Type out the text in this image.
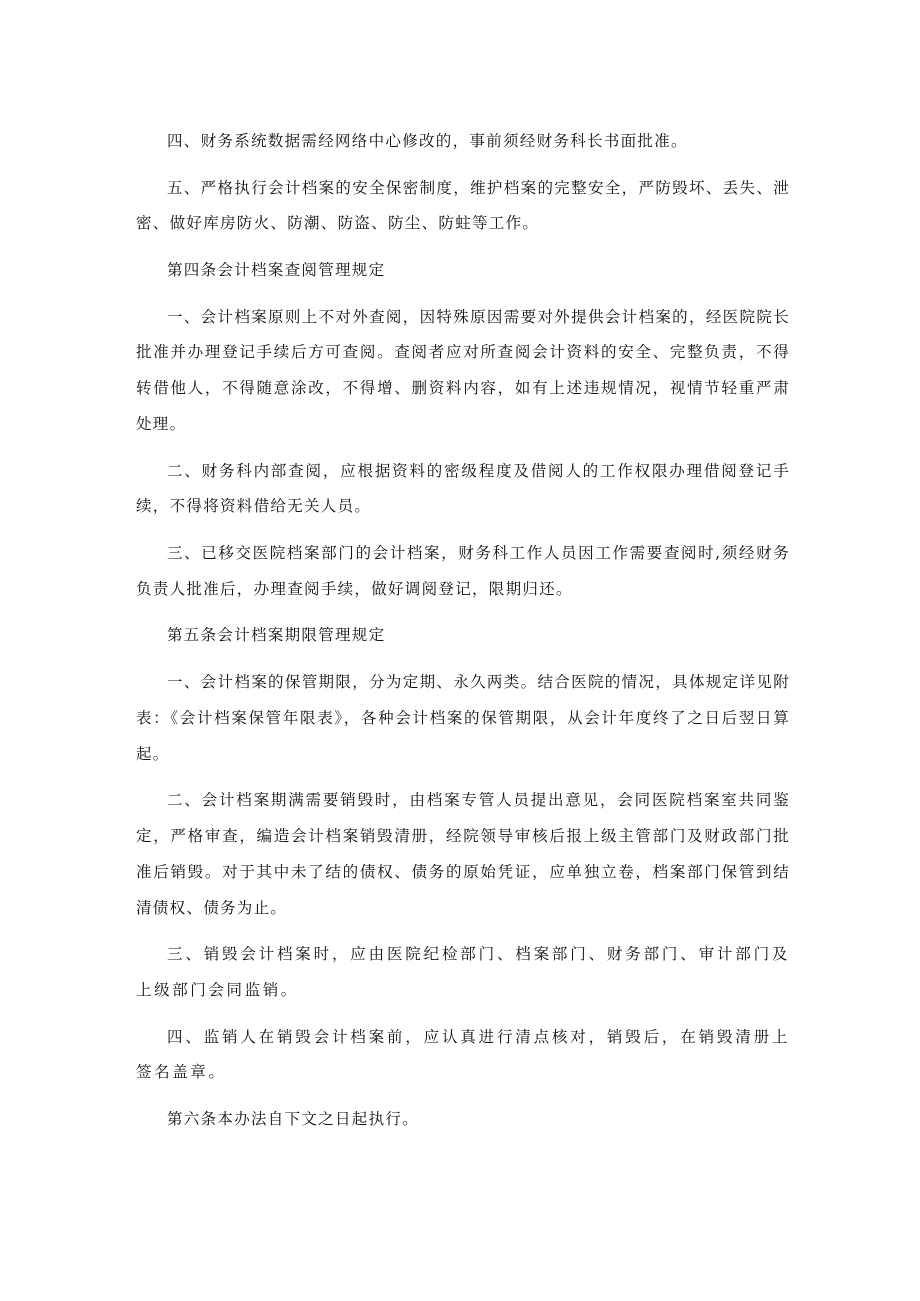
四、财务系统数据需经网络中心修改的，事前须经财务科长书面批准。

五、严格执行会计档案的安全保密制度，维护档案的完整安全，严防毁坏、丢失、泄密、做好库房防火、防潮、防盗、防尘、防蛀等工作。

第四条会计档案查阅管理规定

一、会计档案原则上不对外查阅，因特殊原因需要对外提供会计档案的，经医院院长批准并办理登记手续后方可查阅。查阅者应对所查阅会计资料的安全、完整负责，不得转借他人，不得随意涂改，不得增、删资料内容，如有上述违规情况，视情节轻重严肃处理。

二、财务科内部查阅，应根据资料的密级程度及借阅人的工作权限办理借阅登记手续，不得将资料借给无关人员。

三、已移交医院档案部门的会计档案，财务科工作人员因工作需要查阅时,须经财务负责人批准后，办理查阅手续，做好调阅登记，限期归还。

第五条会计档案期限管理规定

一、会计档案的保管期限，分为定期、永久两类。结合医院的情况，具体规定详见附表：《会计档案保管年限表》，各种会计档案的保管期限，从会计年度终了之日后翌日算起。

二、会计档案期满需要销毁时，由档案专管人员提出意见，会同医院档案室共同鉴定，严格审查，编造会计档案销毁清册，经院领导审核后报上级主管部门及财政部门批准后销毁。对于其中未了结的债权、债务的原始凭证，应单独立卷，档案部门保管到结清债权、债务为止。

三、销毁会计档案时，应由医院纪检部门、档案部门、财务部门、审计部门及上级部门会同监销。

四、监销人在销毁会计档案前，应认真进行清点核对，销毁后，在销毁清册上签名盖章。

第六条本办法自下文之日起执行。
